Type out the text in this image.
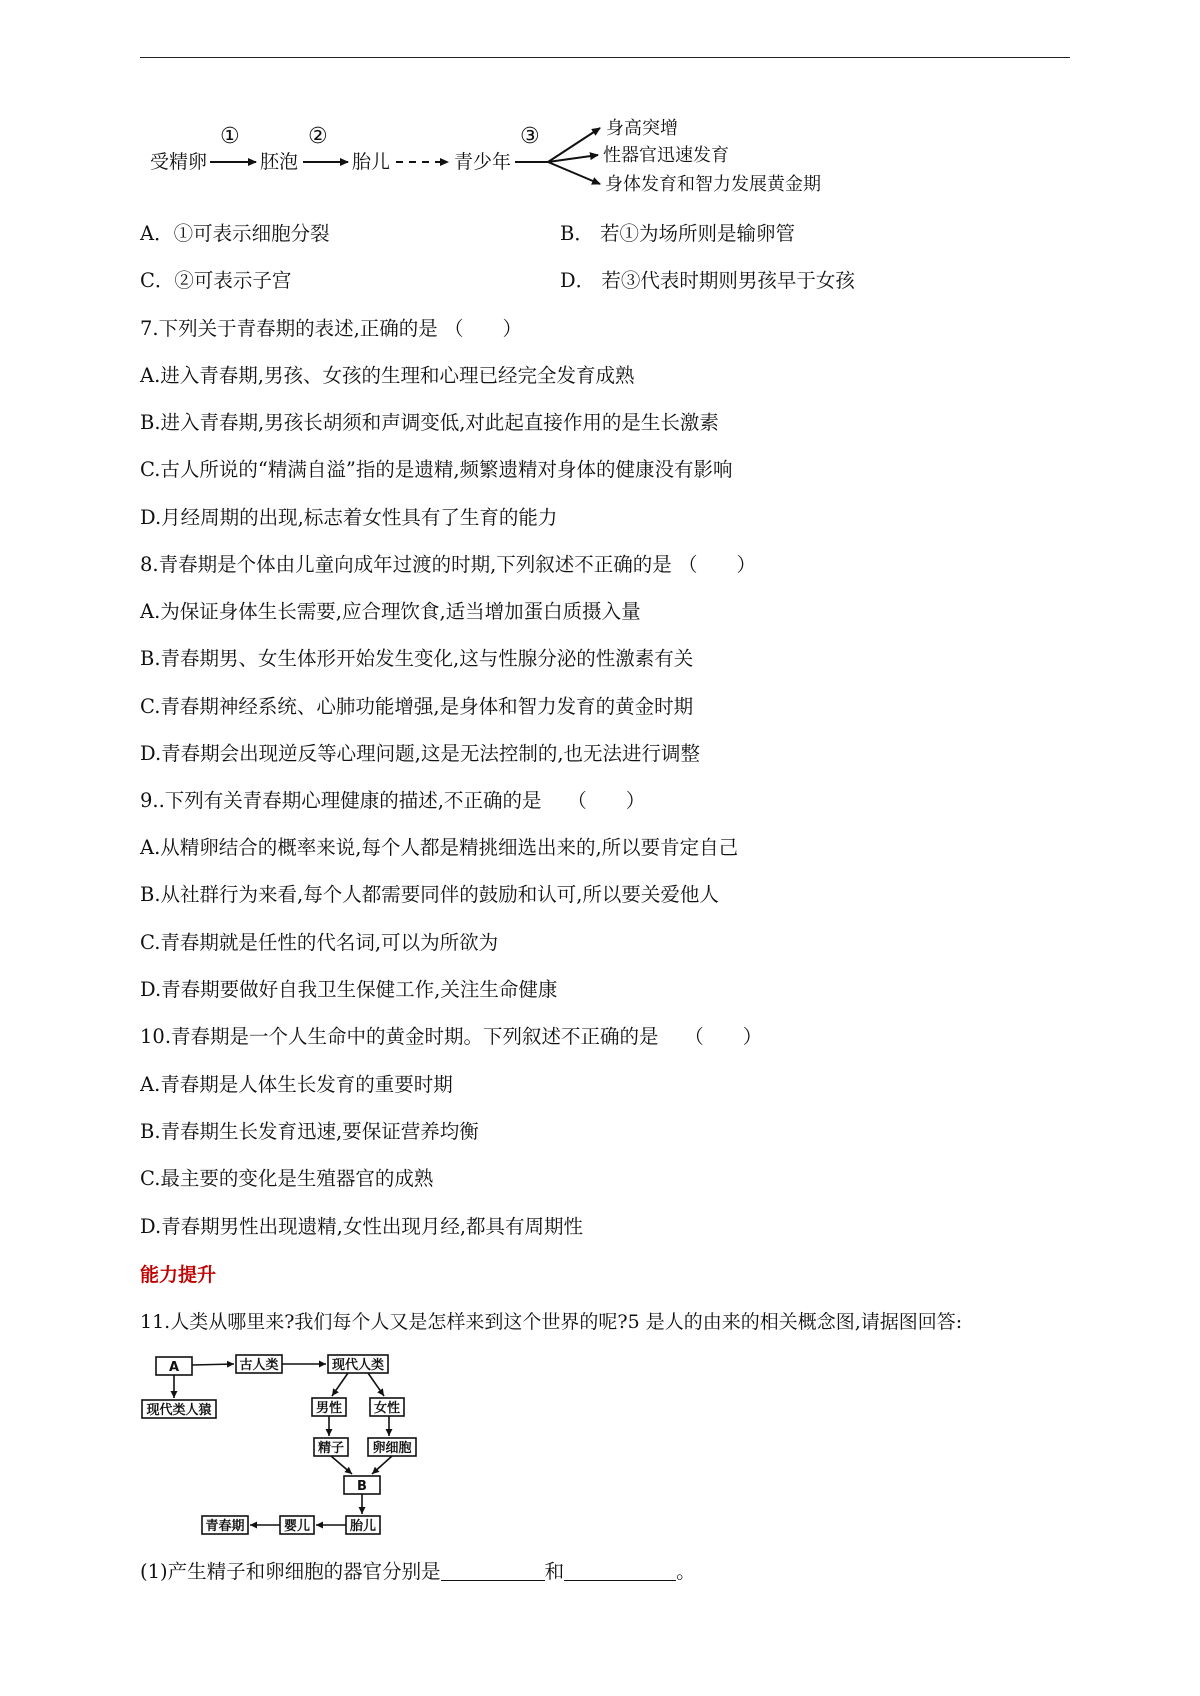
受精卵
①
胚泡
②
胎儿	青少年
③	身高突增
性器官迅速发育
身体发育和智力发展黄金期
A．①可表示细胞分裂	B． 若①为场所则是输卵管
C．②可表示子宫	D． 若③代表时期则男孩早于女孩
7.下列关于青春期的表述,正确的是 （　　）
A.进入青春期,男孩、女孩的生理和心理已经完全发育成熟
B.进入青春期,男孩长胡须和声调变低,对此起直接作用的是生长激素
C.古人所说的“精满自溢”指的是遗精,频繁遗精对身体的健康没有影响
D.月经周期的出现,标志着女性具有了生育的能力
8.青春期是个体由儿童向成年过渡的时期,下列叙述不正确的是 （　　）
A.为保证身体生长需要,应合理饮食,适当增加蛋白质摄入量
B.青春期男、女生体形开始发生变化,这与性腺分泌的性激素有关
C.青春期神经系统、心肺功能增强,是身体和智力发育的黄金时期
D.青春期会出现逆反等心理问题,这是无法控制的,也无法进行调整
9..下列有关青春期心理健康的描述,不正确的是　 （　　）
A.从精卵结合的概率来说,每个人都是精挑细选出来的,所以要肯定自己
B.从社群行为来看,每个人都需要同伴的鼓励和认可,所以要关爱他人
C.青春期就是任性的代名词,可以为所欲为
D.青春期要做好自我卫生保健工作,关注生命健康
10.青春期是一个人生命中的黄金时期。下列叙述不正确的是　 （　　）
A.青春期是人体生长发育的重要时期
B.青春期生长发育迅速,要保证营养均衡
C.最主要的变化是生殖器官的成熟
D.青春期男性出现遗精,女性出现月经,都具有周期性
能力提升
11.人类从哪里来?我们每个人又是怎样来到这个世界的呢?5 是人的由来的相关概念图,请据图回答:
A	古人类	现代人类
现代类人猿	男性 女性
精子 卵细胞
B
胎儿
婴儿
青春期
(1)产生精子和卵细胞的器官分别是	和	。
